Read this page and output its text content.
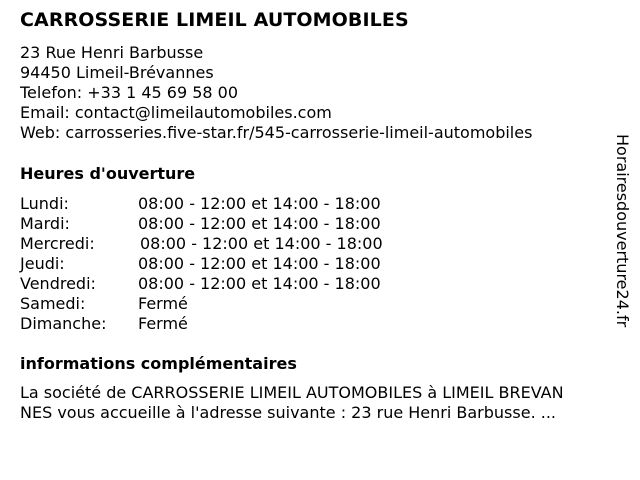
CARROSSERIE LIMEIL AUTOMOBILES
23 Rue Henri Barbusse
94450 Limeil-Brévannes
Telefon: +33 1 45 69 58 00
Email: contact@limeilautomobiles.com
Web: carrosseries.five-star.fr/545-carrosserie-limeil-automobiles
Heures d'ouverture
Lundi:	08:00 - 12:00 et 14:00 - 18:00
Mardi:	08:00 - 12:00 et 14:00 - 18:00
Mercredi:	08:00 - 12:00 et 14:00 - 18:00
Jeudi:	08:00 - 12:00 et 14:00 - 18:00
Vendredi:	08:00 - 12:00 et 14:00 - 18:00
Samedi:	Fermé
Dimanche: Fermé
informations complémentaires
La société de CARROSSERIE LIMEIL AUTOMOBILES à LIMEIL BREVAN
NES vous accueille à l'adresse suivante : 23 rue Henri Barbusse. ...
Horairesdouverture24.fr
